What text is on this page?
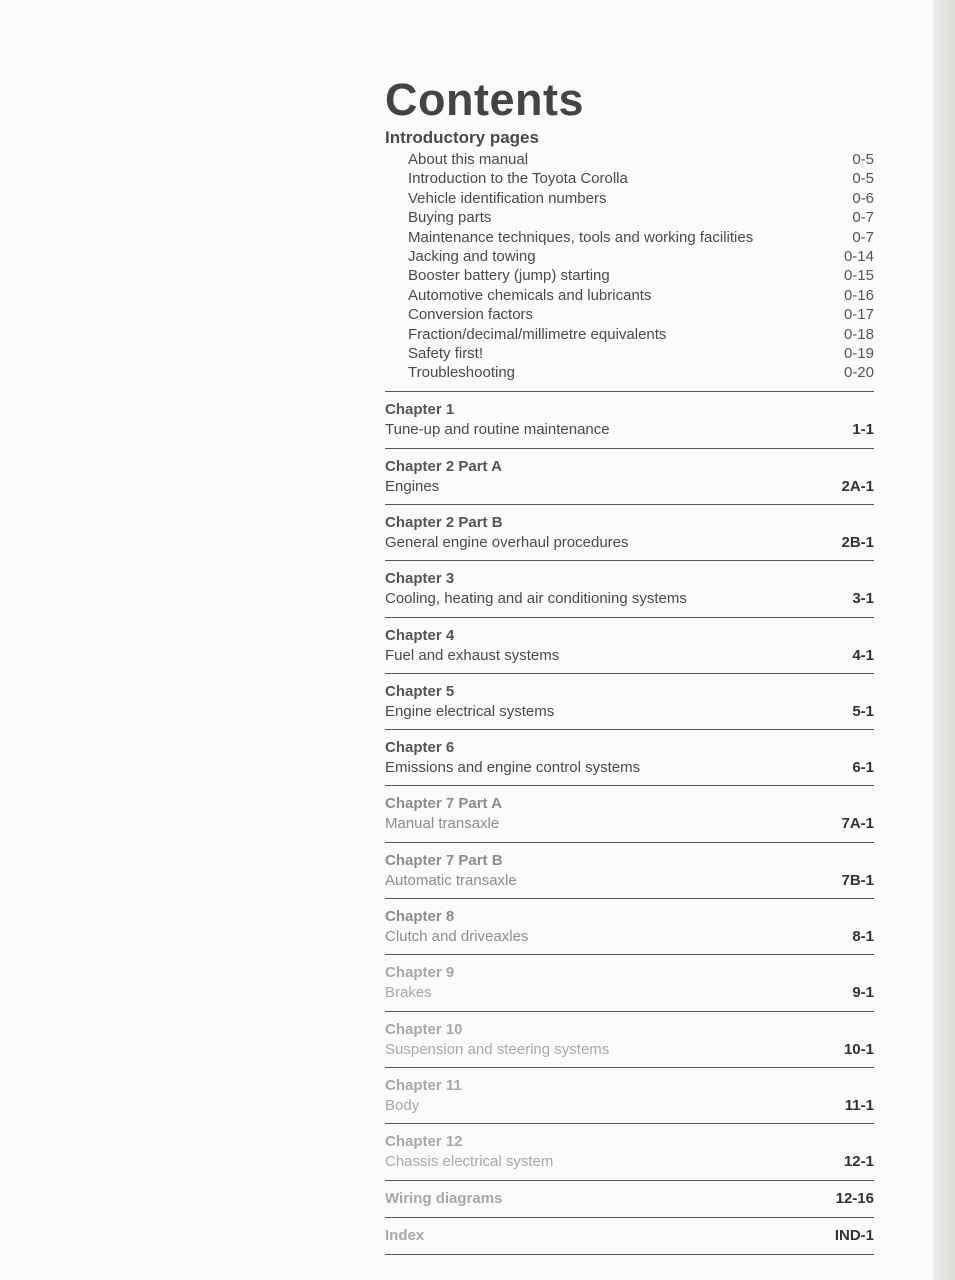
Contents
Introductory pages
About this manual	0-5
Introduction to the Toyota Corolla	0-5
Vehicle identification numbers	0-6
Buying parts	0-7
Maintenance techniques, tools and working facilities	0-7
Jacking and towing	0-14
Booster battery (jump) starting	0-15
Automotive chemicals and lubricants	0-16
Conversion factors	0-17
Fraction/decimal/millimetre equivalents	0-18
Safety first!	0-19
Troubleshooting	0-20
Chapter 1
Tune-up and routine maintenance	1-1
Chapter 2 Part A
Engines	2A-1
Chapter 2 Part B
General engine overhaul procedures	2B-1
Chapter 3
Cooling, heating and air conditioning systems	3-1
Chapter 4
Fuel and exhaust systems	4-1
Chapter 5
Engine electrical systems	5-1
Chapter 6
Emissions and engine control systems	6-1
Chapter 7 Part A
Manual transaxle	7A-1
Chapter 7 Part B
Automatic transaxle	7B-1
Chapter 8
Clutch and driveaxles	8-1
Chapter 9
Brakes	9-1
Chapter 10
Suspension and steering systems	10-1
Chapter 11
Body	11-1
Chapter 12
Chassis electrical system	12-1
Wiring diagrams	12-16
Index	IND-1
